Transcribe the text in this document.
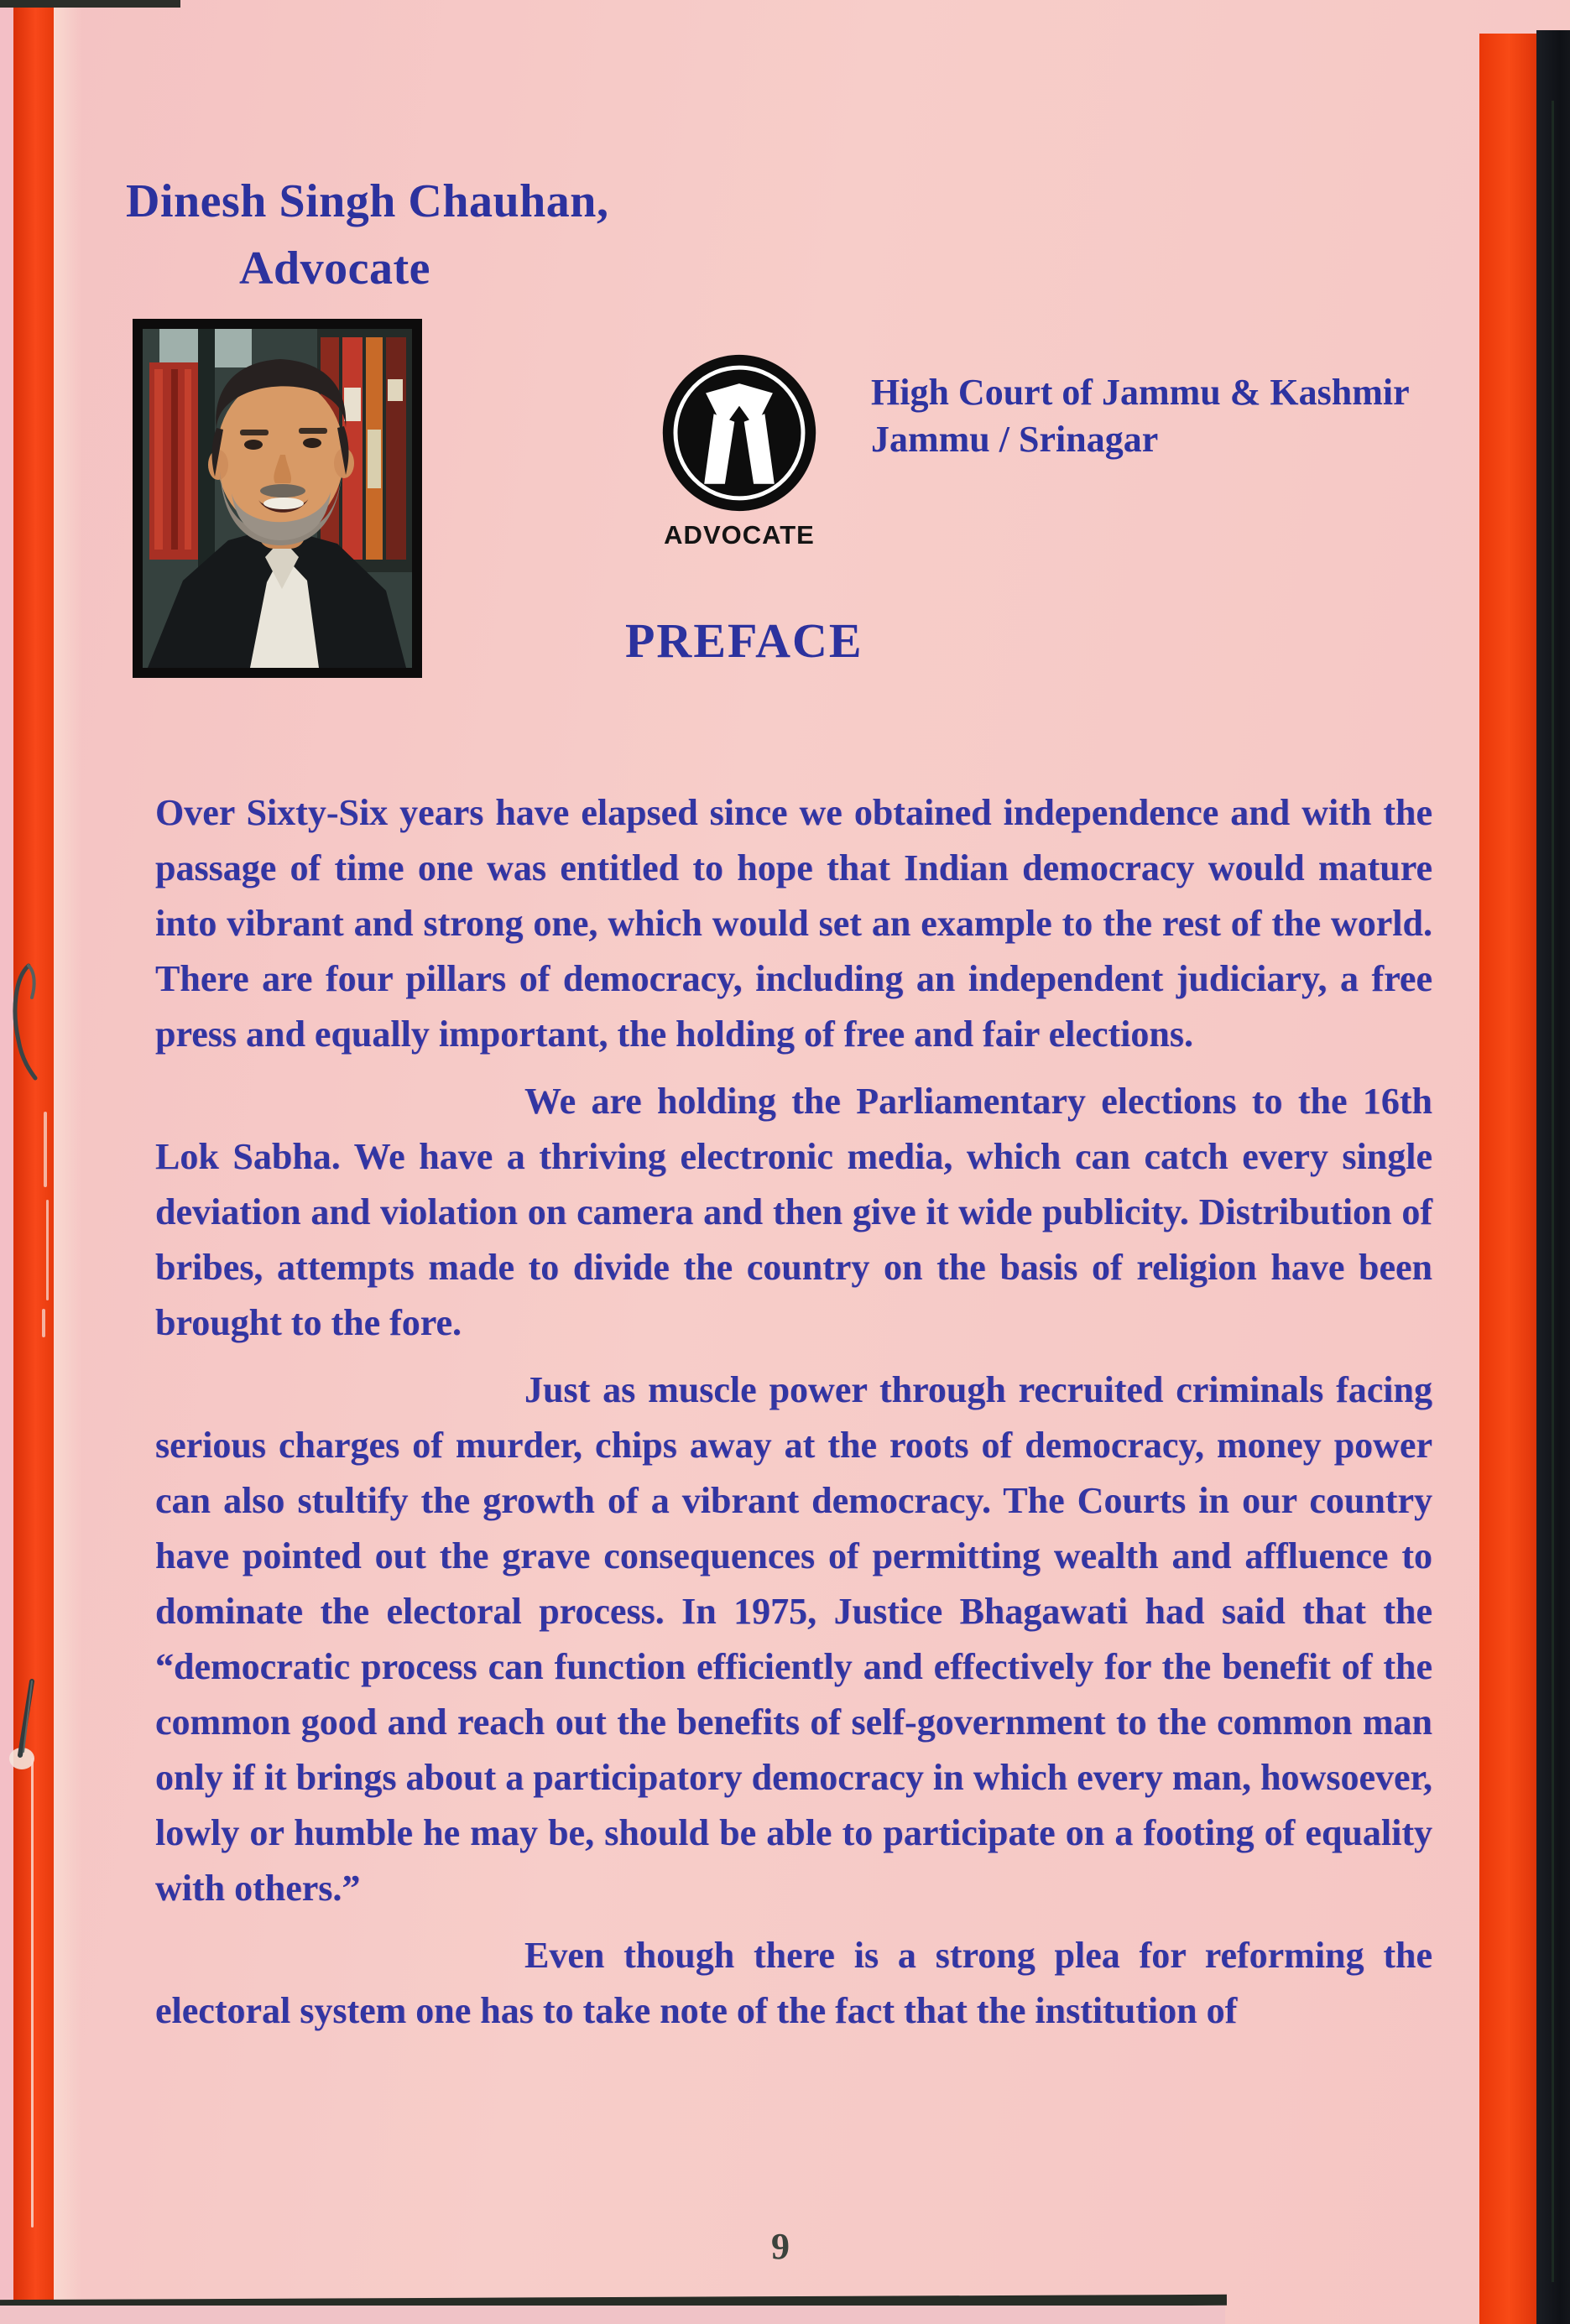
Dinesh Singh Chauhan,
Advocate
ADVOCATE
High Court of Jammu & Kashmir
Jammu / Srinagar
PREFACE

Over Sixty-Six years have elapsed since we obtained independence and with the passage of time one was entitled to hope that Indian democracy would mature into vibrant and strong one, which would set an example to the rest of the world. There are four pillars of democracy, including an independent judiciary, a free press and equally important, the holding of free and fair elections.

We are holding the Parliamentary elections to the 16th Lok Sabha. We have a thriving electronic media, which can catch every single deviation and violation on camera and then give it wide publicity. Distribution of bribes, attempts made to divide the country on the basis of religion have been brought to the fore.

Just as muscle power through recruited criminals facing serious charges of murder, chips away at the roots of democracy, money power can also stultify the growth of a vibrant democracy. The Courts in our country have pointed out the grave consequences of permitting wealth and affluence to dominate the electoral process. In 1975, Justice Bhagawati had said that the “democratic process can function efficiently and effectively for the benefit of the common good and reach out the benefits of self-government to the common man only if it brings about a participatory democracy in which every man, howsoever, lowly or humble he may be, should be able to participate on a footing of equality with others.”

Even though there is a strong plea for reforming the electoral system one has to take note of the fact that the institution of

9
